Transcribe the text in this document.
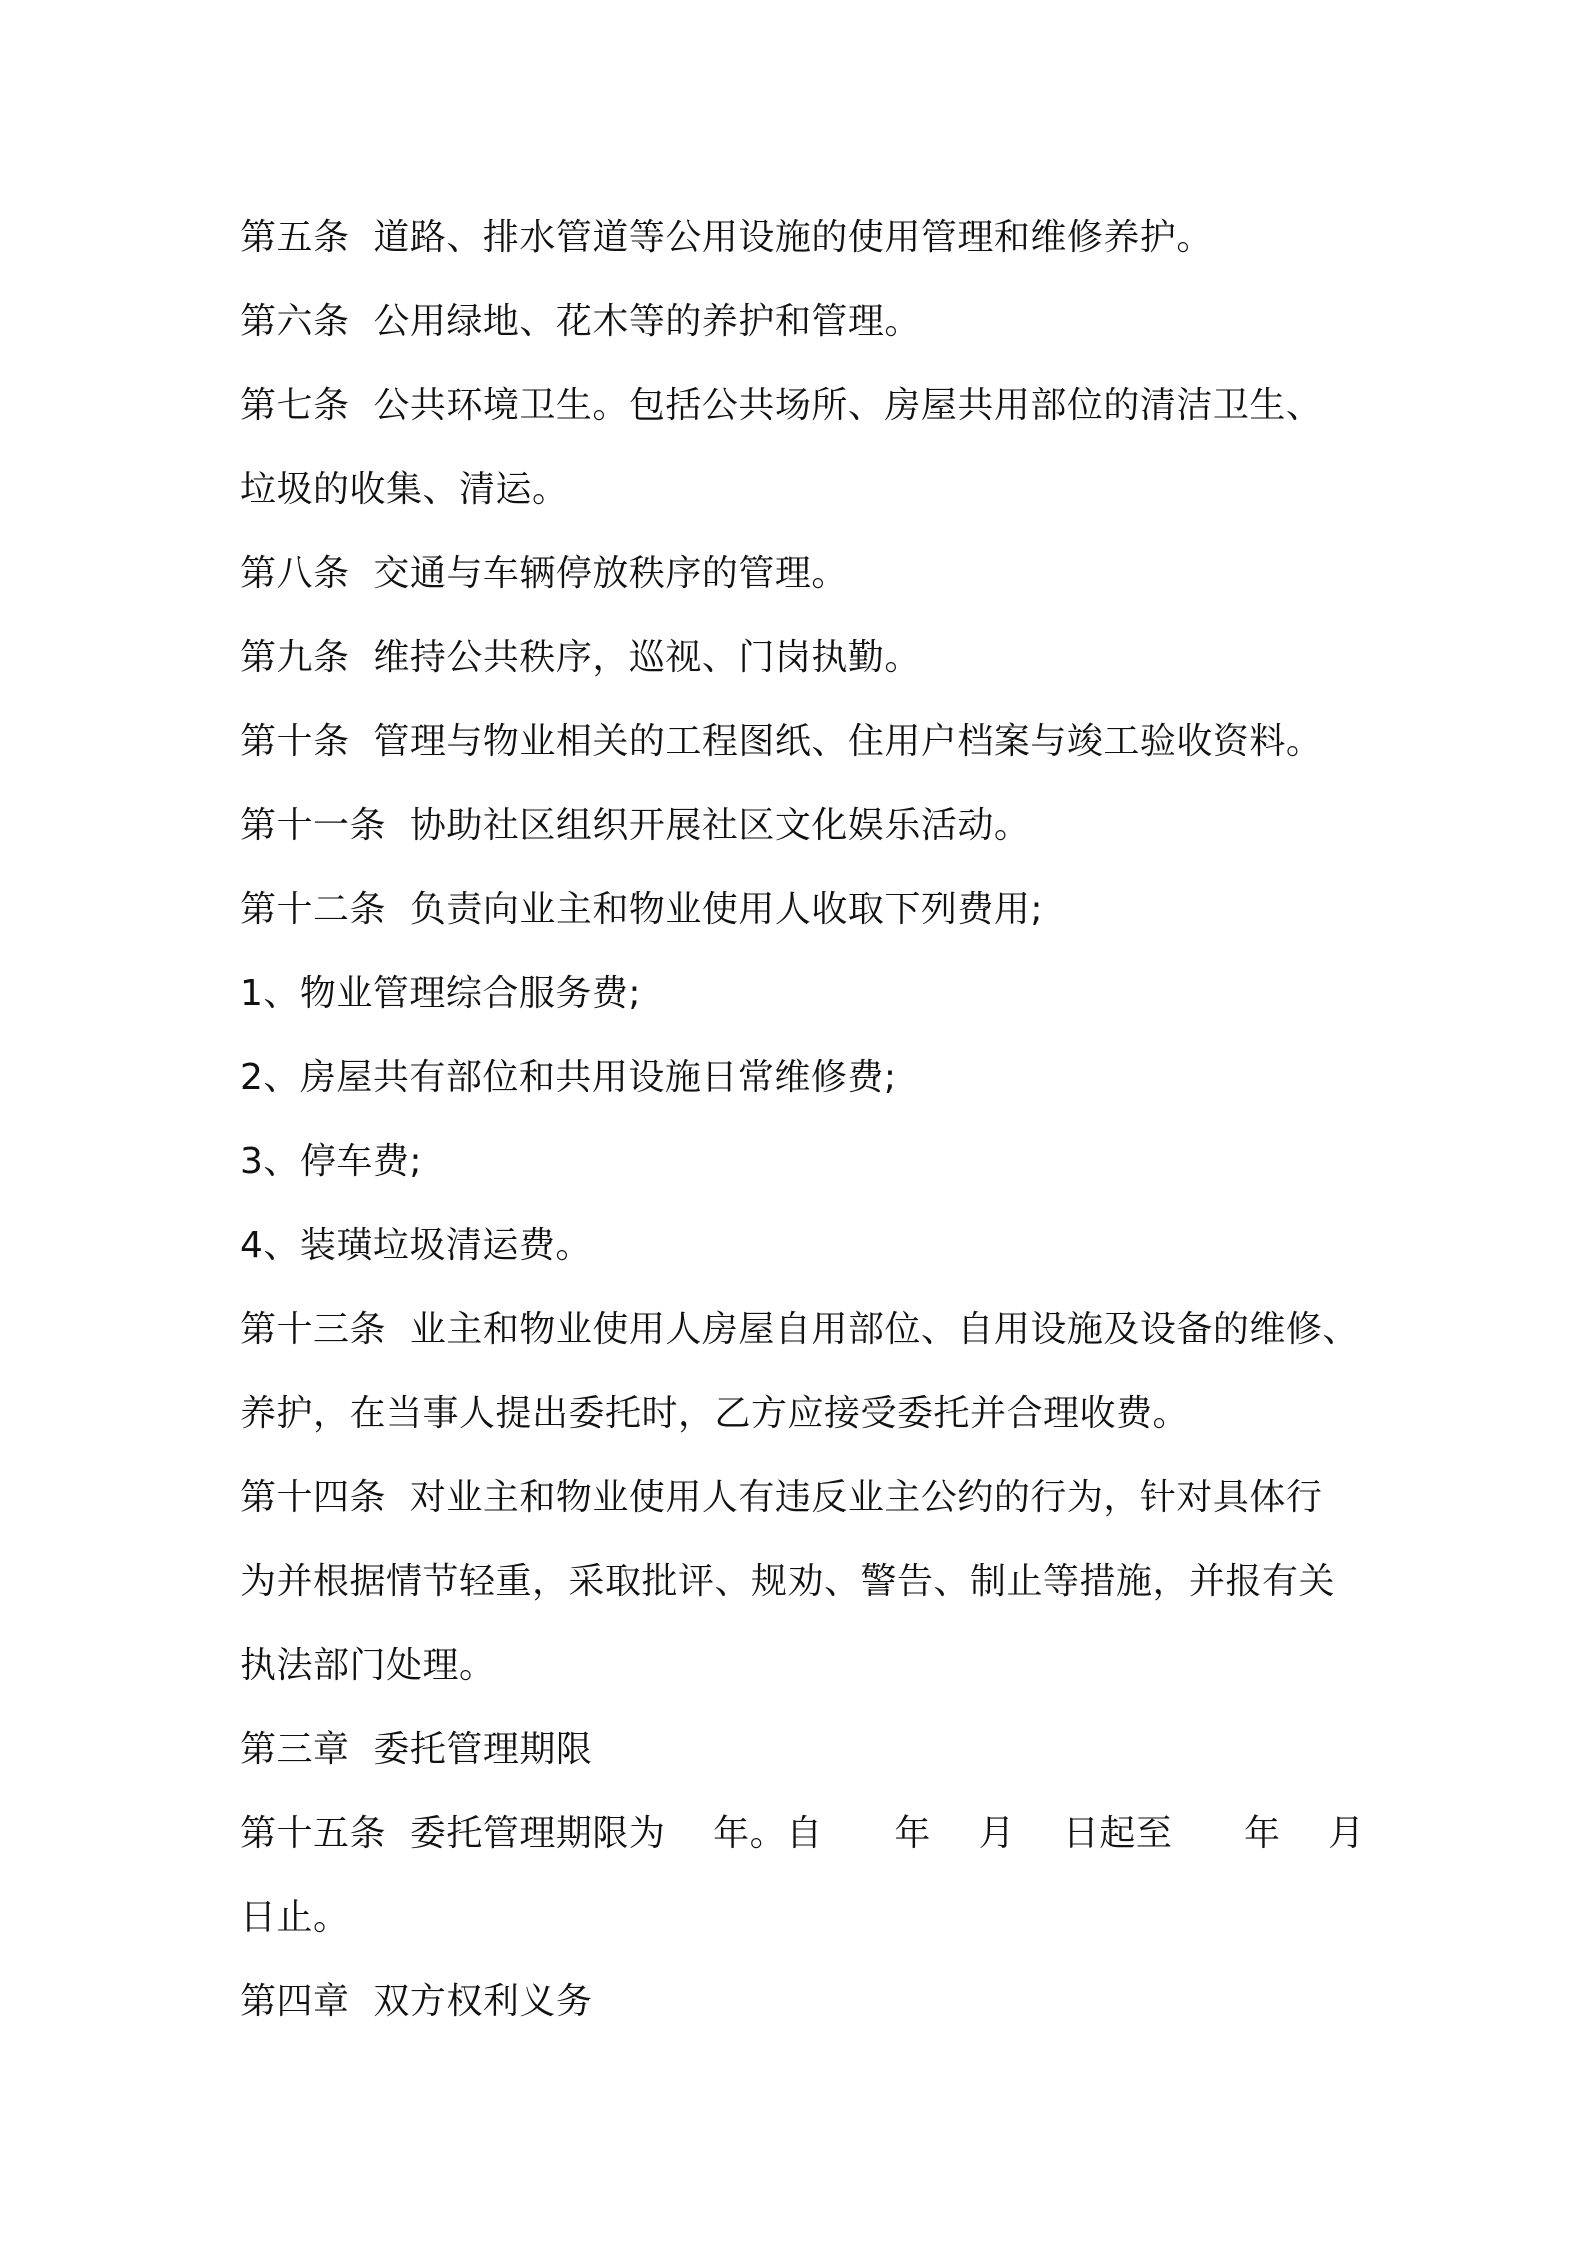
第五条  道路、排水管道等公用设施的使用管理和维修养护。
第六条  公用绿地、花木等的养护和管理。
第七条  公共环境卫生。包括公共场所、房屋共用部位的清洁卫生、
垃圾的收集、清运。
第八条  交通与车辆停放秩序的管理。
第九条  维持公共秩序，巡视、门岗执勤。
第十条  管理与物业相关的工程图纸、住用户档案与竣工验收资料。
第十一条  协助社区组织开展社区文化娱乐活动。
第十二条  负责向业主和物业使用人收取下列费用;
1、物业管理综合服务费;
2、房屋共有部位和共用设施日常维修费;
3、停车费;
4、装璜垃圾清运费。
第十三条  业主和物业使用人房屋自用部位、自用设施及设备的维修、
养护，在当事人提出委托时，乙方应接受委托并合理收费。
第十四条  对业主和物业使用人有违反业主公约的行为，针对具体行
为并根据情节轻重，采取批评、规劝、警告、制止等措施，并报有关
执法部门处理。
第三章  委托管理期限
第十五条  委托管理期限为    年。自      年    月    日起至      年    月
日止。
第四章  双方权利义务
